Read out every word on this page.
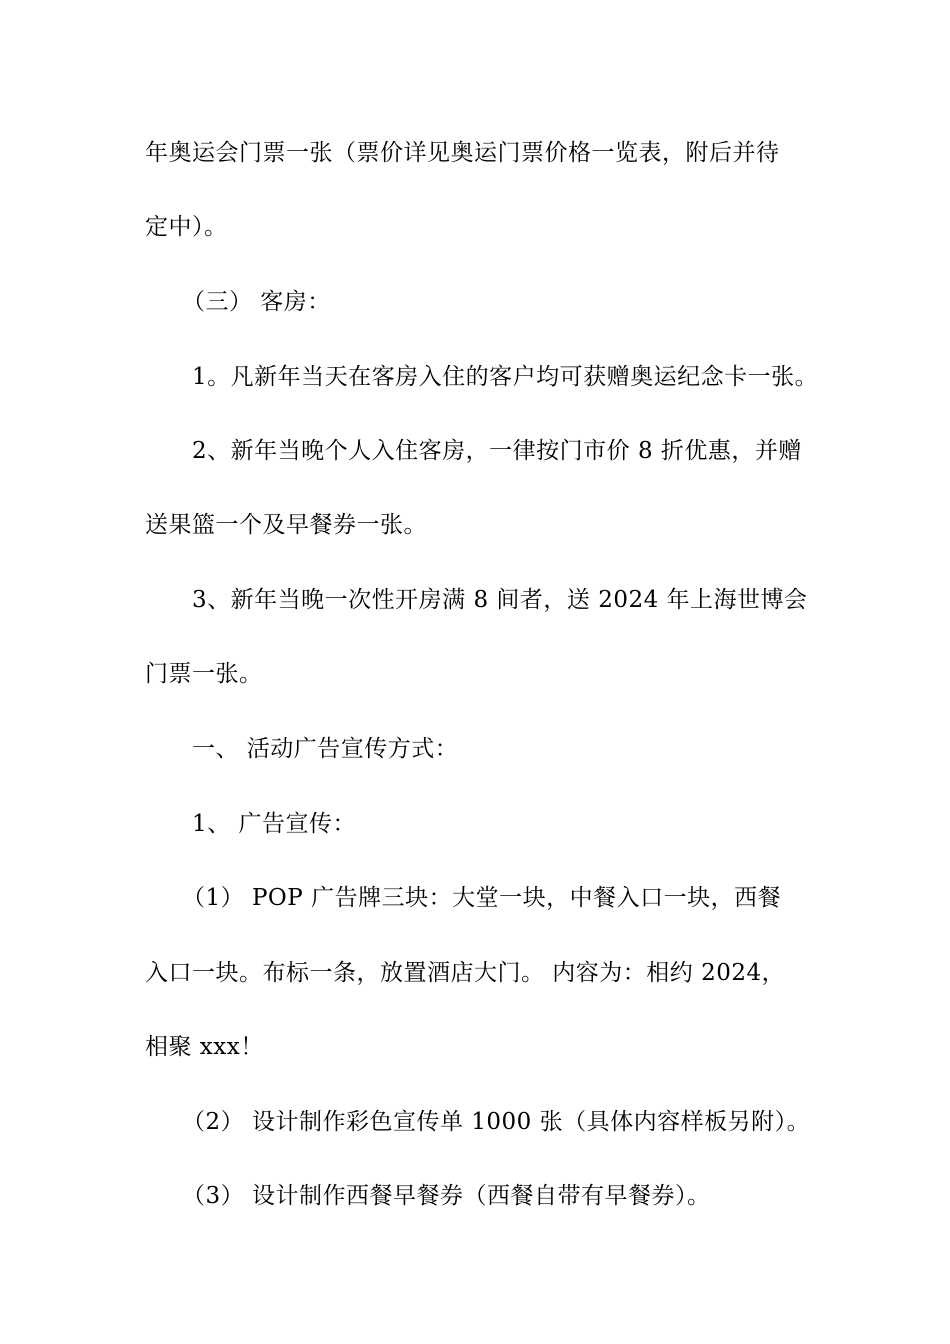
年奥运会门票一张（票价详见奥运门票价格一览表，附后并待
定中）。
（三） 客房：
1。凡新年当天在客房入住的客户均可获赠奥运纪念卡一张。
2、新年当晚个人入住客房，一律按门市价 8 折优惠，并赠
送果篮一个及早餐券一张。
3、新年当晚一次性开房满 8 间者，送 2024 年上海世博会
门票一张。
一、 活动广告宣传方式：
1、 广告宣传：
（1） POP 广告牌三块：大堂一块，中餐入口一块，西餐
入口一块。布标一条，放置酒店大门。 内容为：相约 2024，
相聚 xxx！
（2） 设计制作彩色宣传单 1000 张（具体内容样板另附）。
（3） 设计制作西餐早餐券（西餐自带有早餐券）。
